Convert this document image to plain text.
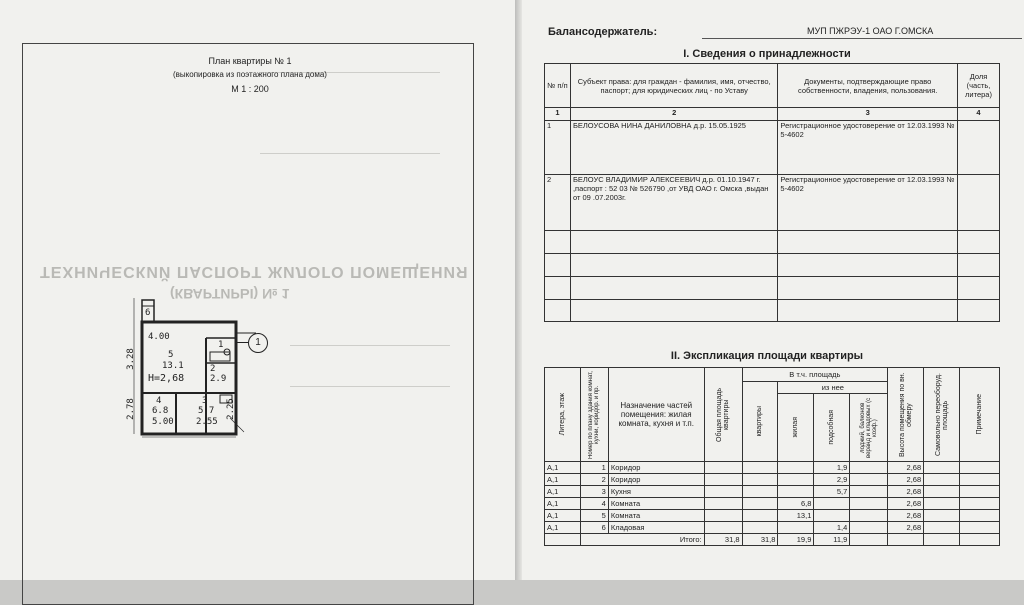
ТЕХНИЧЕСКИЙ ПАСПОРТ ЖИЛОГО ПОМЕЩЕНИЯ
(КВАРТИРЫ) № 1
План квартиры № 1
(выкопировка из поэтажного плана дома)
М 1 : 200
6
4.00
3.28
2.78
5
13.1
Н=2,68
1
2
2.9
4
6.8
5.00
3
5.7
2.55
2.25
1
Балансодержатель:	МУП ПЖРЭУ-1 ОАО Г.ОМСКА
I. Сведения о принадлежности
№ п/п	Субъект права: для граждан - фамилия, имя, отчество, паспорт; для юридических лиц - по Уставу	Документы, подтверждающие право собственности, владения, пользования.	Доля (часть, литера)
1	2	3	4
1	БЕЛОУСОВА НИНА ДАНИЛОВНА д.р. 15.05.1925	Регистрационное удостоверение от 12.03.1993 № 5-4602	
2	БЕЛОУС ВЛАДИМИР АЛЕКСЕЕВИЧ д.р. 01.10.1947 г. ,паспорт : 52 03 № 526790 ,от УВД ОАО г. Омска ,выдан от 09 .07.2003г.	Регистрационное удостоверение от 12.03.1993 № 5-4602	

II. Экспликация площади квартиры
Литера, этаж	Номер по плану здания комнат, кухни, коридор. и пр.	Назначение частей помещения: жилая комната, кухня и т.п.	Общая площадь квартиры	В т.ч. площадь				Высота помещения по вн. обмеру	Самовольно переоборуд. площадь	Примечание

				квартиры	из нее					

					жилая	подсобная	лоджий, балконов веранд и кладовых (с коэф.)			

А,1	1	Коридор				1,9		2,68		
А,1	2	Коридор				2,9		2,68		
А,1	3	Кухня				5,7		2,68		
А,1	4	Комната			6,8			2,68		
А,1	5	Комната			13,1			2,68		
А,1	6	Кладовая				1,4		2,68		
	Итого:		31,8	31,8	19,9	11,9				
